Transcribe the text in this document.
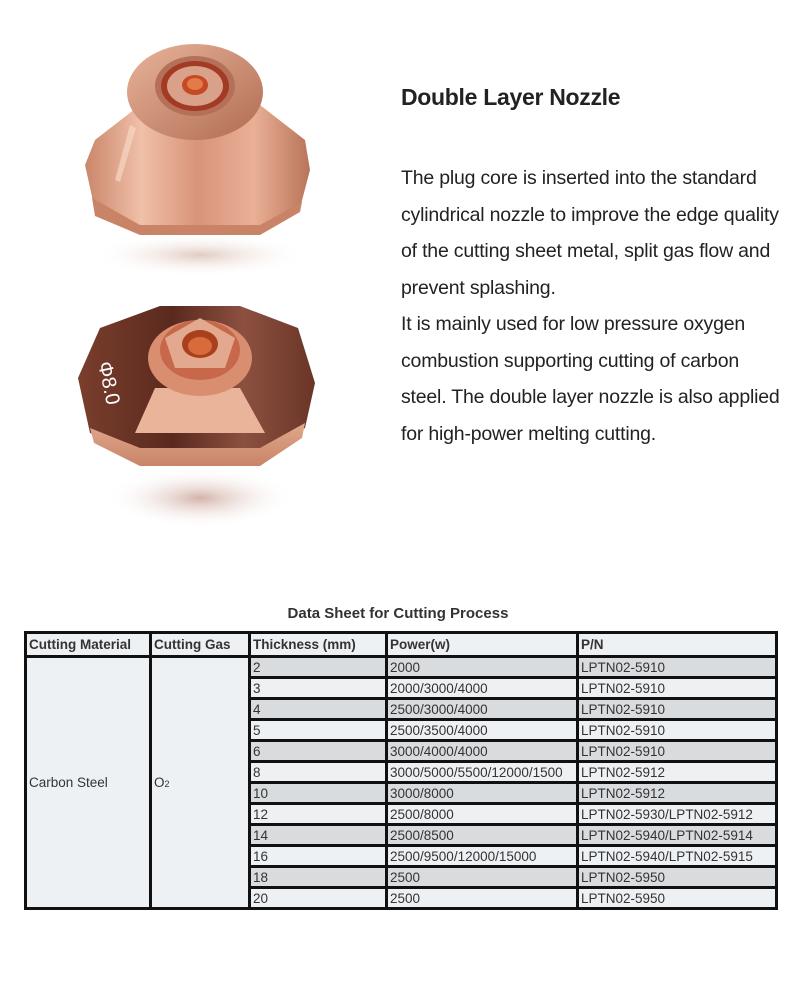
Φ8.0
Double Layer Nozzle

The plug core is inserted into the standard cylindrical nozzle to improve the edge quality of the cutting sheet metal, split gas flow and prevent splashing.

It is mainly used for low pressure oxygen combustion supporting cutting of carbon steel. The double layer nozzle is also applied for high-power melting cutting.

Data Sheet for Cutting Process
Cutting Material	Cutting Gas	Thickness (mm)	Power(w)	P/N
Carbon Steel	O2	2	2000	LPTN02-5910
		3	2000/3000/4000	LPTN02-5910
		4	2500/3000/4000	LPTN02-5910
		5	2500/3500/4000	LPTN02-5910
		6	3000/4000/4000	LPTN02-5910
		8	3000/5000/5500/12000/1500	LPTN02-5912
		10	3000/8000	LPTN02-5912
		12	2500/8000	LPTN02-5930/LPTN02-5912
		14	2500/8500	LPTN02-5940/LPTN02-5914
		16	2500/9500/12000/15000	LPTN02-5940/LPTN02-5915
		18	2500	LPTN02-5950
		20	2500	LPTN02-5950
